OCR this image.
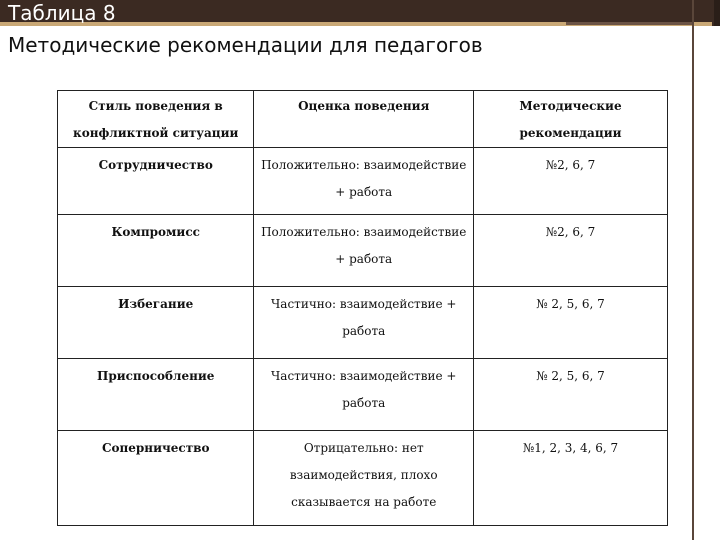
Таблица 8
Методические рекомендации для педагогов
Стиль поведения в конфликтной ситуации	Оценка поведения	Методические рекомендации
Сотрудничество	Положительно: взаимодействие + работа	№2, 6, 7
Компромисс	Положительно: взаимодействие + работа	№2, 6, 7
Избегание	Частично: взаимодействие + работа	№ 2, 5, 6, 7
Приспособление	Частично: взаимодействие + работа	№ 2, 5, 6, 7
Соперничество	Отрицательно: нет взаимодействия, плохо сказывается на работе	№1, 2, 3, 4, 6, 7
